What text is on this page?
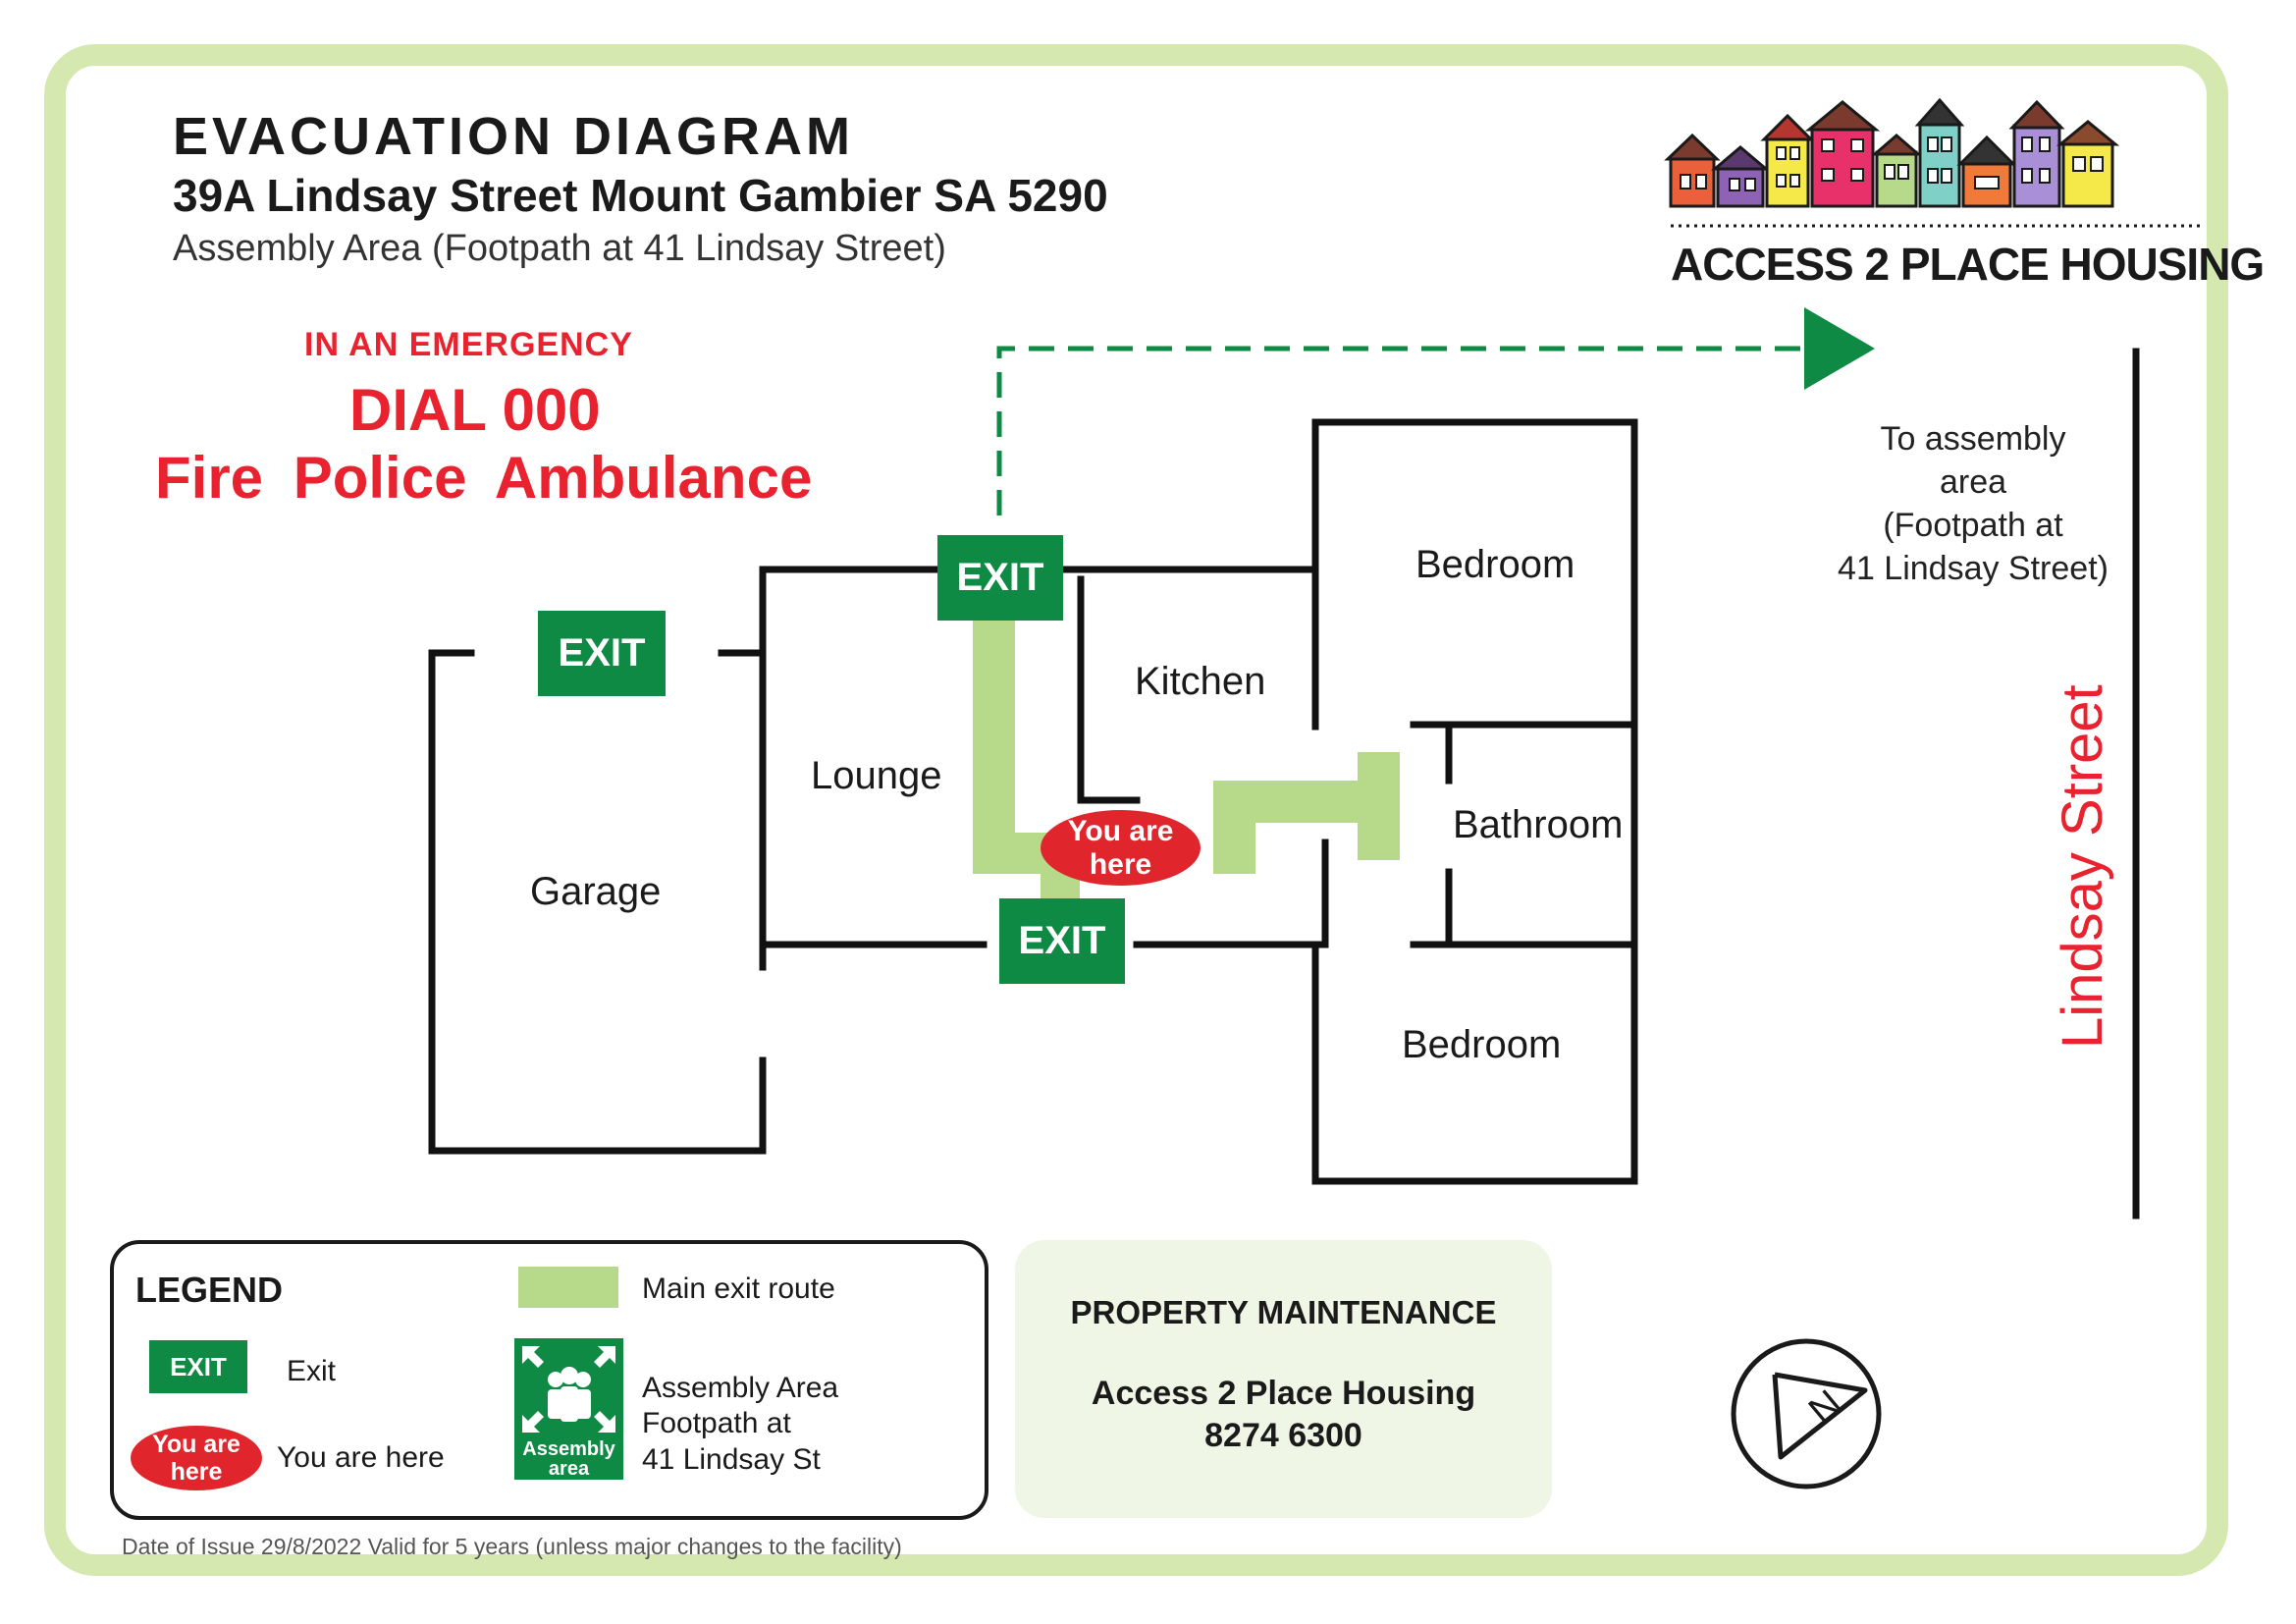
EVACUATION DIAGRAM
39A Lindsay Street Mount Gambier SA 5290
Assembly Area (Footpath at 41 Lindsay Street)
IN AN EMERGENCY
DIAL 000
Fire Police Ambulance
ACCESS 2 PLACE HOUSING
Garage
Lounge
Kitchen
Bedroom
Bathroom
Bedroom
EXIT
EXIT
EXIT
You are
here
To assembly
area
(Footpath at
41 Lindsay Street)
Lindsay Street
LEGEND
EXIT	Exit
You are
here	You are here
Main exit route
Assembly
area
Assembly Area
Footpath at
41 Lindsay St
PROPERTY MAINTENANCE
Access 2 Place Housing
8274 6300
N
Date of Issue 29/8/2022 Valid for 5 years (unless major changes to the facility)
